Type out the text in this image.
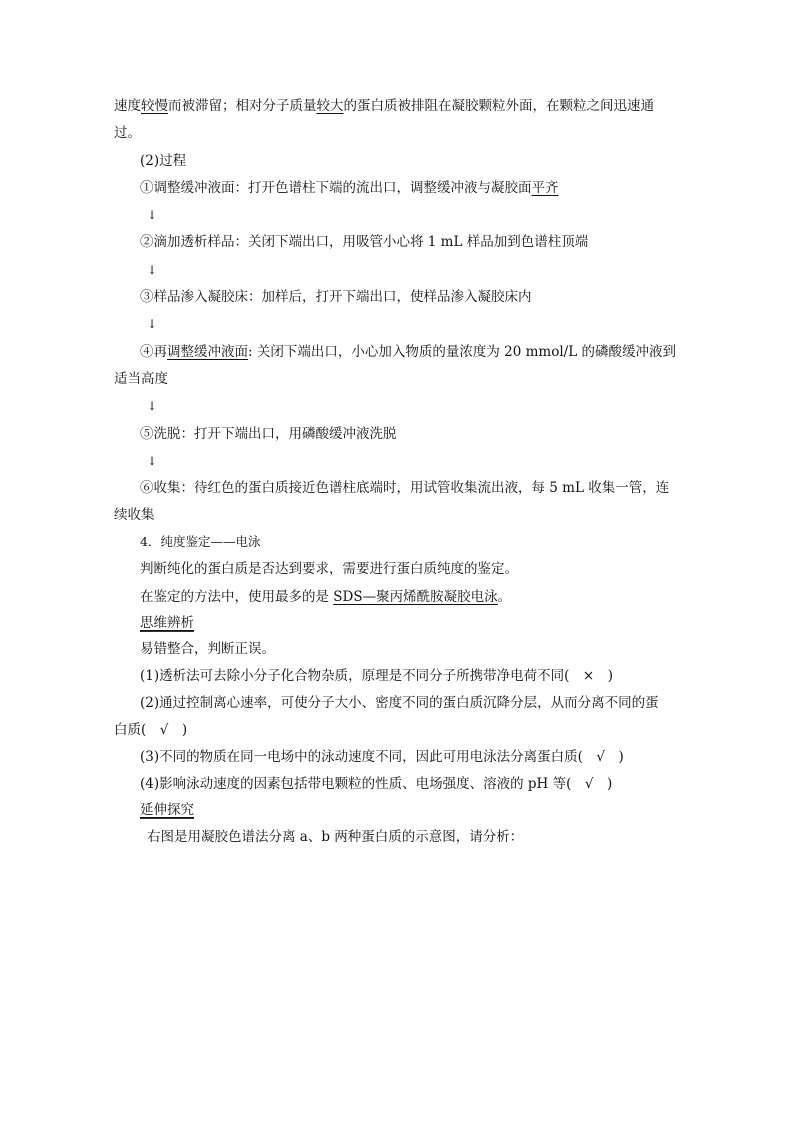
速度较慢而被滞留；相对分子质量较大的蛋白质被排阻在凝胶颗粒外面，在颗粒之间迅速通
过。
(2)过程
①调整缓冲液面：打开色谱柱下端的流出口，调整缓冲液与凝胶面平齐
↓
②滴加透析样品：关闭下端出口，用吸管小心将 1 mL 样品加到色谱柱顶端
↓
③样品渗入凝胶床：加样后，打开下端出口，使样品渗入凝胶床内
↓
④再调整缓冲液面: 关闭下端出口，小心加入物质的量浓度为 20 mmol/L 的磷酸缓冲液到
适当高度
↓
⑤洗脱：打开下端出口，用磷酸缓冲液洗脱
↓
⑥收集：待红色的蛋白质接近色谱柱底端时，用试管收集流出液，每 5 mL 收集一管，连
续收集
4．纯度鉴定——电泳
判断纯化的蛋白质是否达到要求，需要进行蛋白质纯度的鉴定。
在鉴定的方法中，使用最多的是 SDS—聚丙烯酰胺凝胶电泳。
思维辨析
易错整合，判断正误。
(1)透析法可去除小分子化合物杂质，原理是不同分子所携带净电荷不同(　×　)
(2)通过控制离心速率，可使分子大小、密度不同的蛋白质沉降分层，从而分离不同的蛋
白质(　√　)
(3)不同的物质在同一电场中的泳动速度不同，因此可用电泳法分离蛋白质(　√　)
(4)影响泳动速度的因素包括带电颗粒的性质、电场强度、溶液的 pH 等(　√　)
延伸探究
右图是用凝胶色谱法分离 a、b 两种蛋白质的示意图，请分析：
